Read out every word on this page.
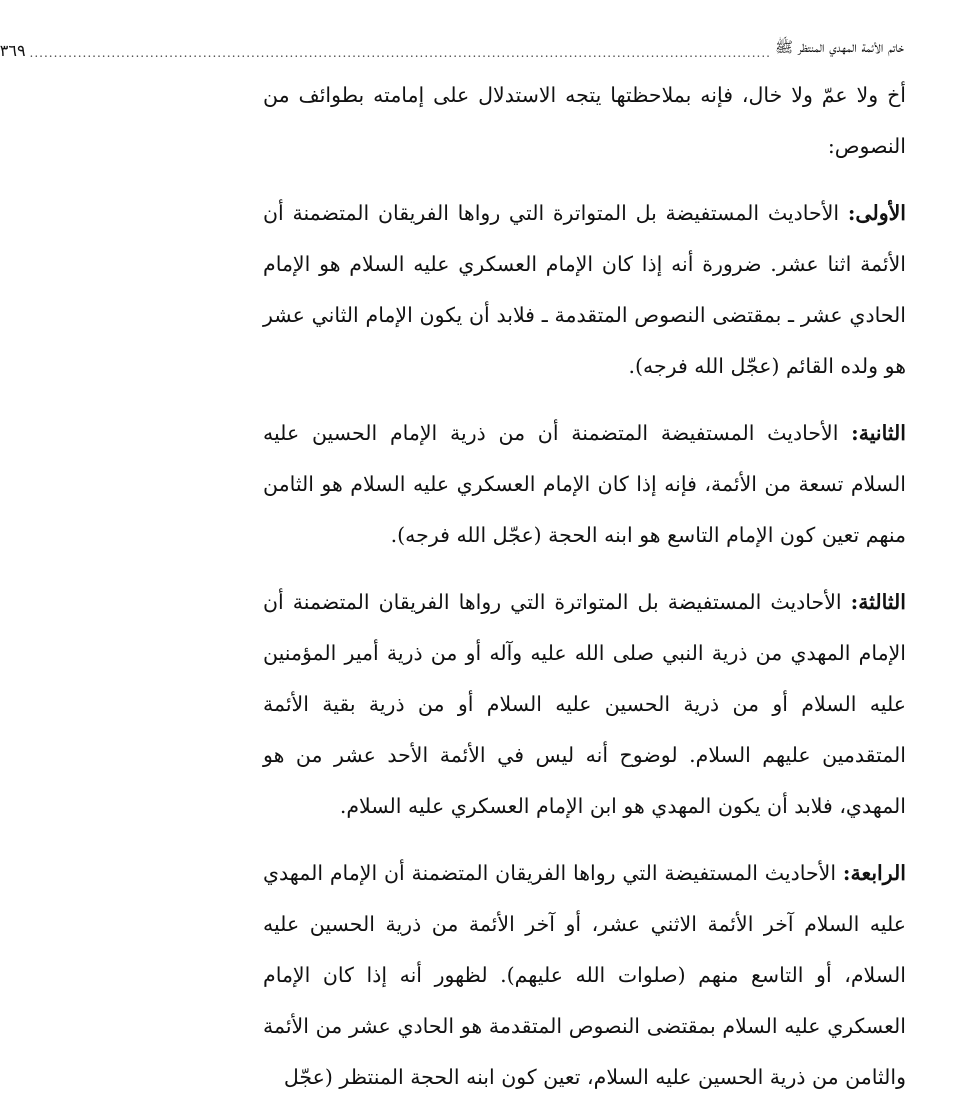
خاتم الأئمة المهدي المنتظر ﷺ
..........................................................................................................................................................
٣٦٩

أخ ولا عمّ ولا خال، فإنه بملاحظتها يتجه الاستدلال على إمامته بطوائف من النصوص:

الأولى: الأحاديث المستفيضة بل المتواترة التي رواها الفريقان المتضمنة أن الأئمة اثنا عشر. ضرورة أنه إذا كان الإمام العسكري عليه السلام هو الإمام الحادي عشر ـ بمقتضى النصوص المتقدمة ـ فلابد أن يكون الإمام الثاني عشر هو ولده القائم (عجّل الله فرجه).

الثانية: الأحاديث المستفيضة المتضمنة أن من ذرية الإمام الحسين عليه السلام تسعة من الأئمة، فإنه إذا كان الإمام العسكري عليه السلام هو الثامن منهم تعين كون الإمام التاسع هو ابنه الحجة (عجّل الله فرجه).

الثالثة: الأحاديث المستفيضة بل المتواترة التي رواها الفريقان المتضمنة أن الإمام المهدي من ذرية النبي صلى الله عليه وآله أو من ذرية أمير المؤمنين عليه السلام أو من ذرية الحسين عليه السلام أو من ذرية بقية الأئمة المتقدمين عليهم السلام. لوضوح أنه ليس في الأئمة الأحد عشر من هو المهدي، فلابد أن يكون المهدي هو ابن الإمام العسكري عليه السلام.

الرابعة: الأحاديث المستفيضة التي رواها الفريقان المتضمنة أن الإمام المهدي عليه السلام آخر الأئمة الاثني عشر، أو آخر الأئمة من ذرية الحسين عليه السلام، أو التاسع منهم (صلوات الله عليهم). لظهور أنه إذا كان الإمام العسكري عليه السلام بمقتضى النصوص المتقدمة هو الحادي عشر من الأئمة والثامن من ذرية الحسين عليه السلام، تعين كون ابنه الحجة المنتظر (عجّل
